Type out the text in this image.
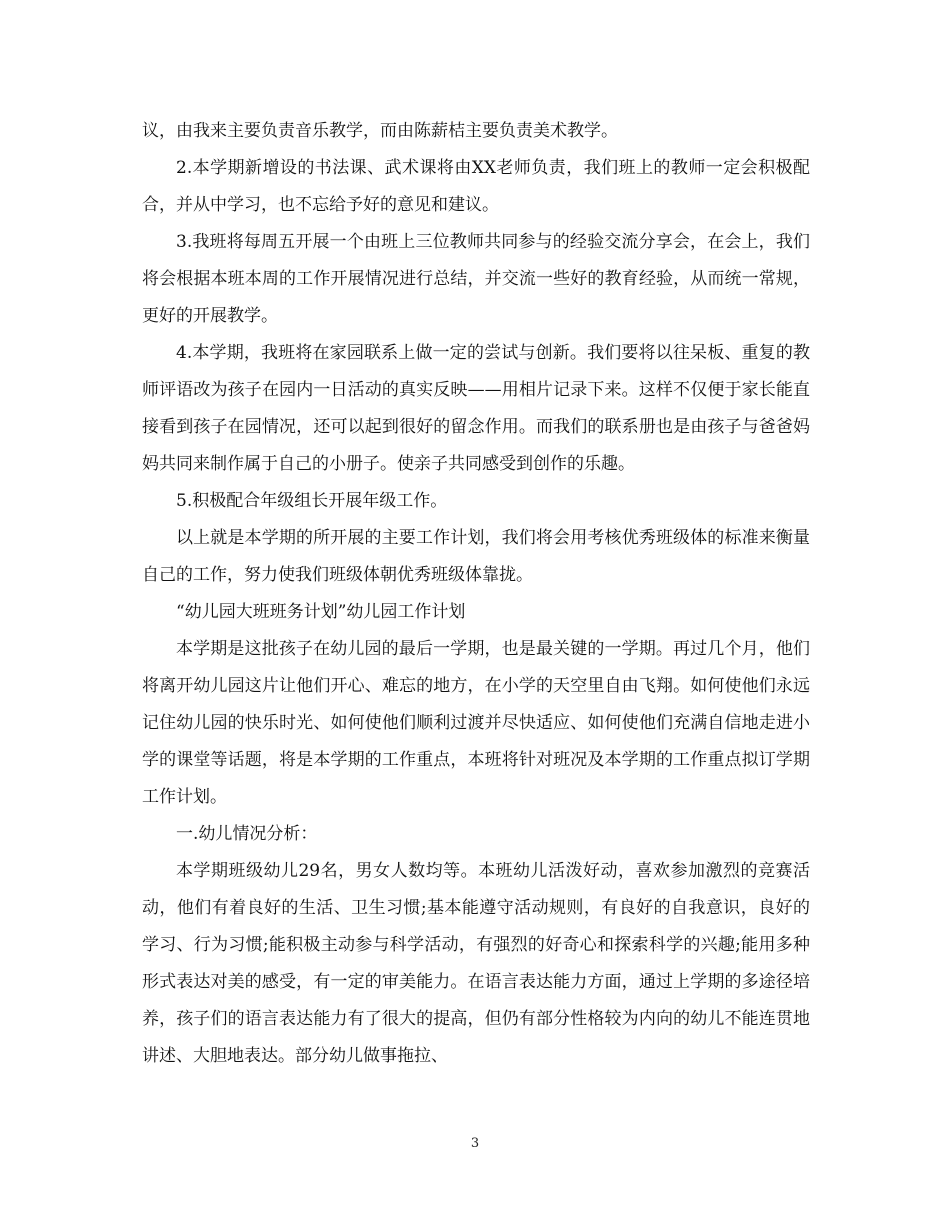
议，由我来主要负责音乐教学，而由陈薪桔主要负责美术教学。

2.本学期新增设的书法课、武术课将由XX老师负责，我们班上的教师一定会积极配合，并从中学习，也不忘给予好的意见和建议。

3.我班将每周五开展一个由班上三位教师共同参与的经验交流分享会，在会上，我们将会根据本班本周的工作开展情况进行总结，并交流一些好的教育经验，从而统一常规，更好的开展教学。

4.本学期，我班将在家园联系上做一定的尝试与创新。我们要将以往呆板、重复的教师评语改为孩子在园内一日活动的真实反映——用相片记录下来。这样不仅便于家长能直接看到孩子在园情况，还可以起到很好的留念作用。而我们的联系册也是由孩子与爸爸妈妈共同来制作属于自己的小册子。使亲子共同感受到创作的乐趣。

5.积极配合年级组长开展年级工作。

以上就是本学期的所开展的主要工作计划，我们将会用考核优秀班级体的标准来衡量自己的工作，努力使我们班级体朝优秀班级体靠拢。

“幼儿园大班班务计划”幼儿园工作计划

本学期是这批孩子在幼儿园的最后一学期，也是最关键的一学期。再过几个月，他们将离开幼儿园这片让他们开心、难忘的地方，在小学的天空里自由飞翔。如何使他们永远记住幼儿园的快乐时光、如何使他们顺利过渡并尽快适应、如何使他们充满自信地走进小学的课堂等话题，将是本学期的工作重点，本班将针对班况及本学期的工作重点拟订学期工作计划。

一.幼儿情况分析：

本学期班级幼儿29名，男女人数均等。本班幼儿活泼好动，喜欢参加激烈的竞赛活动，他们有着良好的生活、卫生习惯;基本能遵守活动规则，有良好的自我意识，良好的学习、行为习惯;能积极主动参与科学活动，有强烈的好奇心和探索科学的兴趣;能用多种形式表达对美的感受，有一定的审美能力。在语言表达能力方面，通过上学期的多途径培养，孩子们的语言表达能力有了很大的提高，但仍有部分性格较为内向的幼儿不能连贯地讲述、大胆地表达。部分幼儿做事拖拉、

3
